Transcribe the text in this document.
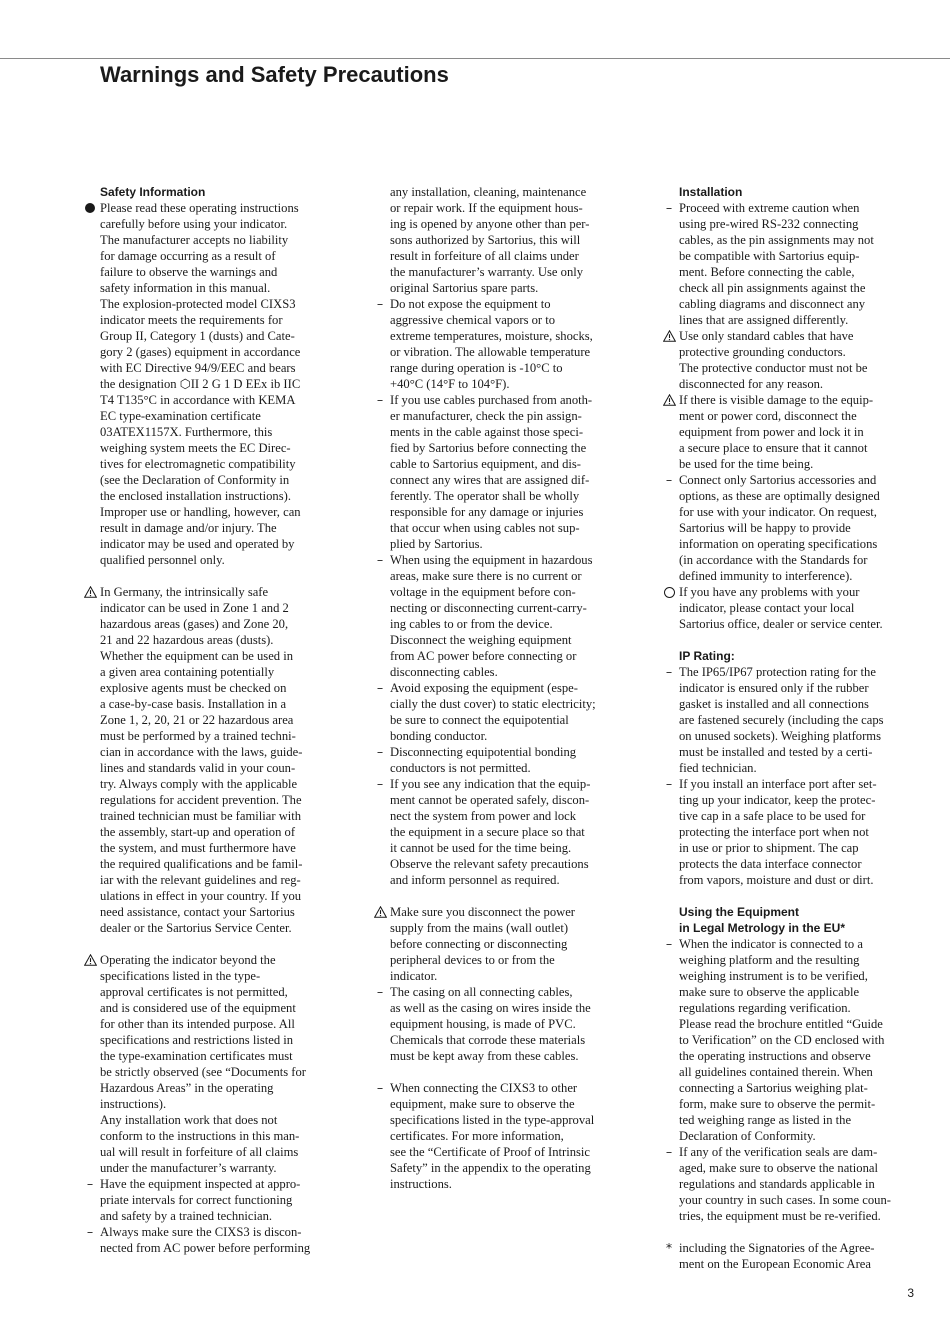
Warnings and Safety Precautions
Safety Information
Please read these operating instructions
carefully before using your indicator.
The manufacturer accepts no liability
for damage occurring as a result of
failure to observe the warnings and
safety information in this manual.
The explosion-protected model CIXS3
indicator meets the requirements for
Group II, Category 1 (dusts) and Cate-
gory 2 (gases) equipment in accordance
with EC Directive 94/9/EEC and bears
the designation ⬡II 2 G 1 D EEx ib IIC
T4 T135°C in accordance with KEMA
EC type-examination certificate
03ATEX1157X. Furthermore, this
weighing system meets the EC Direc-
tives for electromagnetic compatibility
(see the Declaration of Conformity in
the enclosed installation instructions).
Improper use or handling, however, can
result in damage and/or injury. The
indicator may be used and operated by
qualified personnel only.
In Germany, the intrinsically safe
indicator can be used in Zone 1 and 2
hazardous areas (gases) and Zone 20,
21 and 22 hazardous areas (dusts).
Whether the equipment can be used in
a given area containing potentially
explosive agents must be checked on
a case-by-case basis. Installation in a
Zone 1, 2, 20, 21 or 22 hazardous area
must be performed by a trained techni-
cian in accordance with the laws, guide-
lines and standards valid in your coun-
try. Always comply with the applicable
regulations for accident prevention. The
trained technician must be familiar with
the assembly, start-up and operation of
the system, and must furthermore have
the required qualifications and be famil-
iar with the relevant guidelines and reg-
ulations in effect in your country. If you
need assistance, contact your Sartorius
dealer or the Sartorius Service Center.
Operating the indicator beyond the
specifications listed in the type-
approval certificates is not permitted,
and is considered use of the equipment
for other than its intended purpose. All
specifications and restrictions listed in
the type-examination certificates must
be strictly observed (see “Documents for
Hazardous Areas” in the operating
instructions).
Any installation work that does not
conform to the instructions in this man-
ual will result in forfeiture of all claims
under the manufacturer’s warranty.
– Have the equipment inspected at appro-
priate intervals for correct functioning
and safety by a trained technician.
– Always make sure the CIXS3 is discon-
nected from AC power before performing
any installation, cleaning, maintenance
or repair work. If the equipment hous-
ing is opened by anyone other than per-
sons authorized by Sartorius, this will
result in forfeiture of all claims under
the manufacturer’s warranty. Use only
original Sartorius spare parts.
– Do not expose the equipment to
aggressive chemical vapors or to
extreme temperatures, moisture, shocks,
or vibration. The allowable temperature
range during operation is -10°C to
+40°C (14°F to 104°F).
– If you use cables purchased from anoth-
er manufacturer, check the pin assign-
ments in the cable against those speci-
fied by Sartorius before connecting the
cable to Sartorius equipment, and dis-
connect any wires that are assigned dif-
ferently. The operator shall be wholly
responsible for any damage or injuries
that occur when using cables not sup-
plied by Sartorius.
– When using the equipment in hazardous
areas, make sure there is no current or
voltage in the equipment before con-
necting or disconnecting current-carry-
ing cables to or from the device.
Disconnect the weighing equipment
from AC power before connecting or
disconnecting cables.
– Avoid exposing the equipment (espe-
cially the dust cover) to static electricity;
be sure to connect the equipotential
bonding conductor.
– Disconnecting equipotential bonding
conductors is not permitted.
– If you see any indication that the equip-
ment cannot be operated safely, discon-
nect the system from power and lock
the equipment in a secure place so that
it cannot be used for the time being.
Observe the relevant safety precautions
and inform personnel as required.
Make sure you disconnect the power
supply from the mains (wall outlet)
before connecting or disconnecting
peripheral devices to or from the
indicator.
– The casing on all connecting cables,
as well as the casing on wires inside the
equipment housing, is made of PVC.
Chemicals that corrode these materials
must be kept away from these cables.
– When connecting the CIXS3 to other
equipment, make sure to observe the
specifications listed in the type-approval
certificates. For more information,
see the “Certificate of Proof of Intrinsic
Safety” in the appendix to the operating
instructions.
Installation
– Proceed with extreme caution when
using pre-wired RS-232 connecting
cables, as the pin assignments may not
be compatible with Sartorius equip-
ment. Before connecting the cable,
check all pin assignments against the
cabling diagrams and disconnect any
lines that are assigned differently.
Use only standard cables that have
protective grounding conductors.
The protective conductor must not be
disconnected for any reason.
If there is visible damage to the equip-
ment or power cord, disconnect the
equipment from power and lock it in
a secure place to ensure that it cannot
be used for the time being.
– Connect only Sartorius accessories and
options, as these are optimally designed
for use with your indicator. On request,
Sartorius will be happy to provide
information on operating specifications
(in accordance with the Standards for
defined immunity to interference).
If you have any problems with your
indicator, please contact your local
Sartorius office, dealer or service center.
IP Rating:
– The IP65/IP67 protection rating for the
indicator is ensured only if the rubber
gasket is installed and all connections
are fastened securely (including the caps
on unused sockets). Weighing platforms
must be installed and tested by a certi-
fied technician.
– If you install an interface port after set-
ting up your indicator, keep the protec-
tive cap in a safe place to be used for
protecting the interface port when not
in use or prior to shipment. The cap
protects the data interface connector
from vapors, moisture and dust or dirt.
Using the Equipment
in Legal Metrology in the EU*
– When the indicator is connected to a
weighing platform and the resulting
weighing instrument is to be verified,
make sure to observe the applicable
regulations regarding verification.
Please read the brochure entitled “Guide
to Verification” on the CD enclosed with
the operating instructions and observe
all guidelines contained therein. When
connecting a Sartorius weighing plat-
form, make sure to observe the permit-
ted weighing range as listed in the
Declaration of Conformity.
– If any of the verification seals are dam-
aged, make sure to observe the national
regulations and standards applicable in
your country in such cases. In some coun-
tries, the equipment must be re-verified.
* including the Signatories of the Agree-
ment on the European Economic Area
3
